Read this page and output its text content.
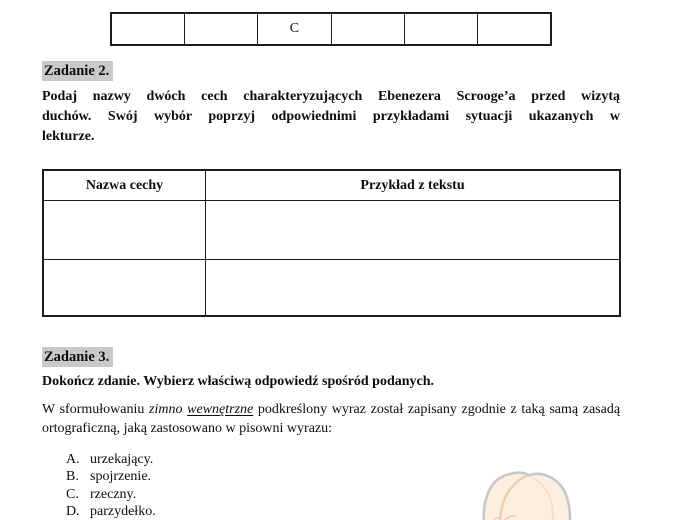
C
Zadanie 2.
Podaj nazwy dwóch cech charakteryzujących Ebenezera Scrooge’a przed wizytą duchów. Swój wybór poprzyj odpowiednimi przykładami sytuacji ukazanych w lekturze.
Nazwa cechy	Przykład z tekstu

Zadanie 3.
Dokończ zdanie. Wybierz właściwą odpowiedź spośród podanych.
W sformułowaniu zimno wewnętrzne podkreślony wyraz został zapisany zgodnie z taką samą zasadą ortograficzną, jaką zastosowano w pisowni wyrazu:
A. urzekający.
B. spojrzenie.
C. rzeczny.
D. parzydełko.
